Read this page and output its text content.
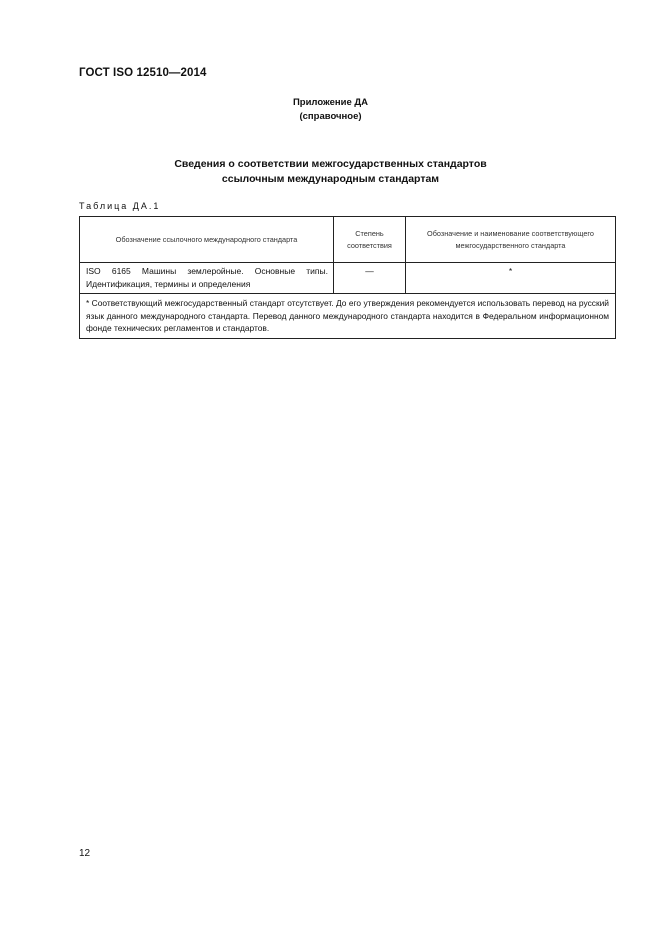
ГОСТ ISO 12510—2014
Приложение ДА
(справочное)
Сведения о соответствии межгосударственных стандартов
ссылочным международным стандартам
Таблица ДА.1
Обозначение ссылочного международного стандарта	Степень соответствия	Обозначение и наименование соответствующего межгосударственного стандарта
ISO 6165 Машины землеройные. Основные типы. Идентификация, термины и определения	—	*
* Соответствующий межгосударственный стандарт отсутствует. До его утверждения рекомендуется использовать перевод на русский язык данного международного стандарта. Перевод данного международного стандарта находится в Федеральном информационном фонде технических регламентов и стандартов.		
12
